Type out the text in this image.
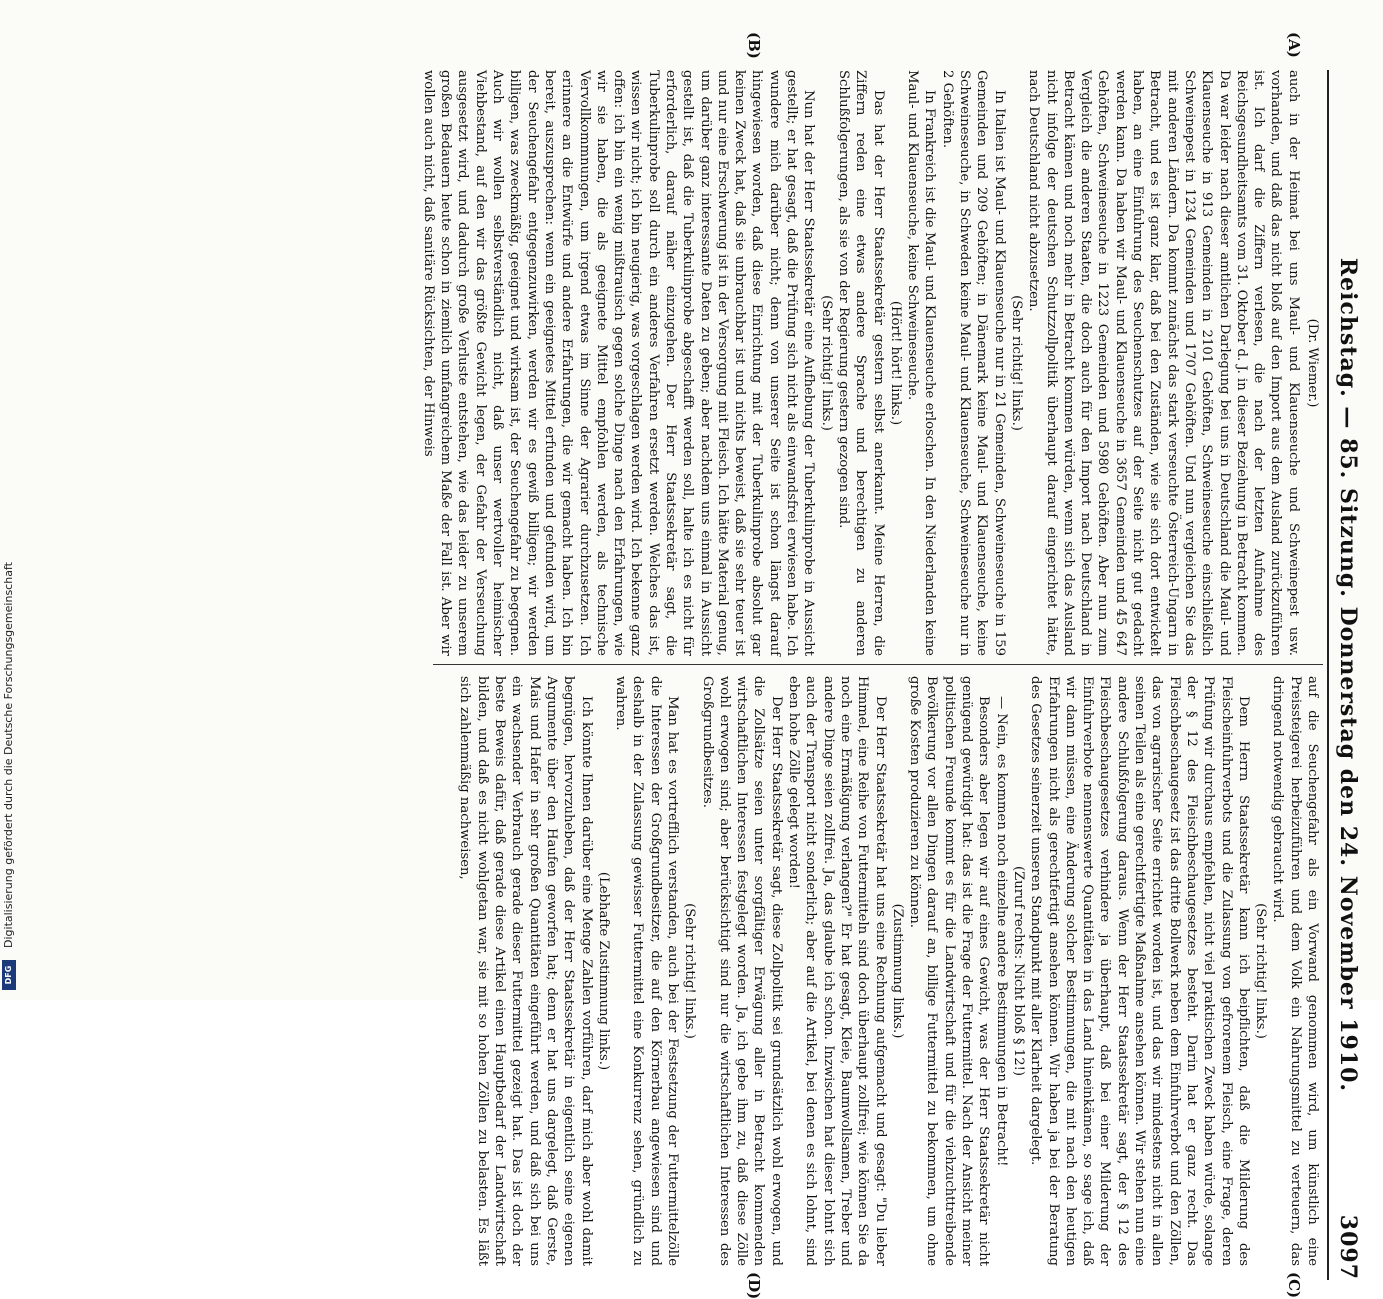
Reichstag. — 85. Sitzung. Donnerstag den 24. November 1910.
3097
(A)
(B)
(C)
(D)

(Dr. Wiemer.)

auch in der Heimat bei uns Maul- und Klauenseuche und Schweinepest usw. vorhanden, und daß das nicht bloß auf den Import aus dem Ausland zurückzuführen ist. Ich darf die Ziffern verlesen, die nach der letzten Aufnahme des Reichsgesundheitsamts vom 31. Oktober d. J. in dieser Beziehung in Betracht kommen. Da war leider nach dieser amtlichen Darlegung bei uns in Deutschland die Maul- und Klauenseuche in 913 Gemeinden in 2101 Gehöften, Schweineseuche einschließlich Schweinepest in 1234 Gemeinden und 1707 Gehöften. Und nun vergleichen Sie das mit anderen Ländern. Da kommt zunächst das stark verseuchte Österreich-Ungarn in Betracht, und es ist ganz klar, daß bei den Zuständen, wie sie sich dort entwickelt haben, an eine Einfuhrung des Seuchenschutzes auf der Seite nicht gut gedacht werden kann. Da haben wir Maul- und Klauenseuche in 3657 Gemeinden und 45 647 Gehöften, Schweineseuche in 1223 Gemeinden und 5980 Gehöften. Aber nun zum Vergleich die anderen Staaten, die doch auch für den Import nach Deutschland in Betracht kämen und noch mehr in Betracht kommen würden, wenn sich das Ausland nicht infolge der deutschen Schutzzollpolitik überhaupt darauf eingerichtet hätte, nach Deutschland nicht abzusetzen.

(Sehr richtig! links.)

In Italien ist Maul- und Klauenseuche nur in 21 Gemeinden, Schweineseuche in 159 Gemeinden und 209 Gehöften; in Dänemark keine Maul- und Klauenseuche, keine Schweineseuche, in Schweden keine Maul- und Klauenseuche, Schweineseuche nur in 2 Gehöften.

In Frankreich ist die Maul- und Klauenseuche erloschen. In den Niederlanden keine Maul- und Klauenseuche, keine Schweineseuche.

(Hört! hört! links.)

Das hat der Herr Staatssekretär gestern selbst anerkannt. Meine Herren, die Ziffern reden eine etwas andere Sprache und berechtigen zu anderen Schlußfolgerungen, als sie von der Regierung gestern gezogen sind.

(Sehr richtig! links.)

Nun hat der Herr Staatssekretär eine Aufhebung der Tuberkulinprobe in Aussicht gestellt; er hat gesagt, daß die Prüfung sich nicht als einwandsfrei erwiesen habe. Ich wundere mich darüber nicht; denn von unserer Seite ist schon längst darauf hingewiesen worden, daß diese Einrichtung mit der Tuberkulinprobe absolut gar keinen Zweck hat, daß sie unbrauchbar ist und nichts beweist, daß sie sehr teuer ist und nur eine Erschwerung ist in der Versorgung mit Fleisch. Ich hätte Material genug, um darüber ganz interessante Daten zu geben; aber nachdem uns einmal in Aussicht gestellt ist, daß die Tuberkulinprobe abgeschafft werden soll, halte ich es nicht für erforderlich, darauf näher einzugehen. Der Herr Staatssekretär sagt, die Tuberkulinprobe soll durch ein anderes Verfahren ersetzt werden. Welches das ist, wissen wir nicht; ich bin neugierig, was vorgeschlagen werden wird. Ich bekenne ganz offen: ich bin ein wenig mißtrauisch gegen solche Dinge nach den Erfahrungen, wie wir sie haben, die als geeignete Mittel empfohlen werden, als technische Vervollkommnungen, um irgend etwas im Sinne der Agrarier durchzusetzen. Ich erinnere an die Entwürfe und andere Erfahrungen, die wir gemacht haben. Ich bin bereit, auszusprechen: wenn ein geeignetes Mittel erfunden und gefunden wird, um der Seuchengefahr entgegenzuwirken, werden wir es gewiß billigen; wir werden billigen, was zweckmäßig, geeignet und wirksam ist, der Seuchengefahr zu begegnen. Auch wir wollen selbstverständlich nicht, daß unser wertvoller heimischer Viehbestand, auf den wir das größte Gewicht legen, der Gefahr der Verseuchung ausgesetzt wird, und dadurch große Verluste entstehen, wie das leider zu unserem großen Bedauern heute schon in ziemlich umfangreichem Maße der Fall ist. Aber wir wollen auch nicht, daß sanitäre Rücksichten, der Hinweis

auf die Seuchengefahr als ein Vorwand genommen wird, um künstlich eine Preissteigerei herbeizuführen und dem Volk ein Nahrungsmittel zu verteuern, das dringend notwendig gebraucht wird.

(Sehr richtig! links.)

Dem Herrn Staatssekretär kann ich beipflichten, daß die Milderung des Fleischeinfuhrverbots und die Zulassung von gefrorenem Fleisch, eine Frage, deren Prüfung wir durchaus empfehlen, nicht viel praktischen Zweck haben würde, solange der § 12 des Fleischbeschaugesetzes besteht. Darin hat er ganz recht. Das Fleischbeschaugesetz ist das dritte Bollwerk neben dem Einfuhrverbot und den Zöllen, das von agrarischer Seite errichtet worden ist, und das wir mindestens nicht in allen seinen Teilen als eine gerechtfertigte Maßnahme ansehen können. Wir stehen nun eine andere Schlußfolgerung daraus. Wenn der Herr Staatssekretär sagt, der § 12 des Fleischbeschaugesetzes verhindere ja überhaupt, daß bei einer Milderung der Einfuhrverbote nennenswerte Quantitäten in das Land hineinkämen, so sage ich, daß wir dann müssen, eine Änderung solcher Bestimmungen, die mit nach den heutigen Erfahrungen nicht als gerechtfertigt ansehen können. Wir haben ja bei der Beratung des Gesetzes seinerzeit unseren Standpunkt mit aller Klarheit dargelegt.

(Zuruf rechts: Nicht bloß § 12!)

— Nein, es kommen noch einzelne andere Bestimmungen in Betracht!

Besonders aber legen wir auf eines Gewicht, was der Herr Staatssekretär nicht genügend gewürdigt hat: das ist die Frage der Futtermittel. Nach der Ansicht meiner politischen Freunde kommt es für die Landwirtschaft und für die viehzuchttreibende Bevölkerung vor allen Dingen darauf an, billige Futtermittel zu bekommen, um ohne große Kosten produzieren zu können.

(Zustimmung links.)

Der Herr Staatssekretär hat uns eine Rechnung aufgemacht und gesagt: "Du lieber Himmel, eine Reihe von Futtermitteln sind doch überhaupt zollfrei; wie können Sie da noch eine Ermäßigung verlangen?" Er hat gesagt, Kleie, Baumwollsamen, Treber und andere Dinge seien zollfrei. Ja, das glaube ich schon. Inzwischen hat dieser lohnt sich auch der Transport nicht sonderlich; aber auf die Artikel, bei denen es sich lohnt, sind eben hohe Zölle gelegt worden!

Der Herr Staatssekretär sagt, diese Zollpolitik sei grundsätzlich wohl erwogen, und die Zollsätze seien unter sorgfältiger Erwägung aller in Betracht kommenden wirtschaftlichen Interessen festgelegt worden. Ja, ich gebe ihm zu, daß diese Zölle wohl erwogen sind; aber berücksichtigt sind nur die wirtschaftlichen Interessen des Großgrundbesitzes.

(Sehr richtig! links.)

Man hat es vortrefflich verstanden, auch bei der Festsetzung der Futtermittelzölle die Interessen der Großgrundbesitzer, die auf den Körnerbau angewiesen sind und deshalb in der Zulassung gewisser Futtermittel eine Konkurrenz sehen, gründlich zu wahren.

(Lebhafte Zustimmung links.)

Ich könnte Ihnen darüber eine Menge Zahlen vorführen, darf mich aber wohl damit begnügen, hervorzuheben, daß der Herr Staatssekretär in eigentlich seine eigenen Argumente über den Haufen geworfen hat; denn er hat uns dargelegt, daß Gerste, Mais und Hafer in sehr großen Quantitäten eingeführt werden, und daß sich bei uns ein wachsender Verbrauch gerade dieser Futtermittel gezeigt hat. Das ist doch der beste Beweis dafür, daß gerade diese Artikel einen Hauptbedarf der Landwirtschaft bilden, und daß es nicht wohlgetan war, sie mit so hohen Zöllen zu belasten. Es läßt sich zahlenmäßig nachweisen,

Digitalisierung gefördert durch die Deutsche Forschungsgemeinschaft
DFG
